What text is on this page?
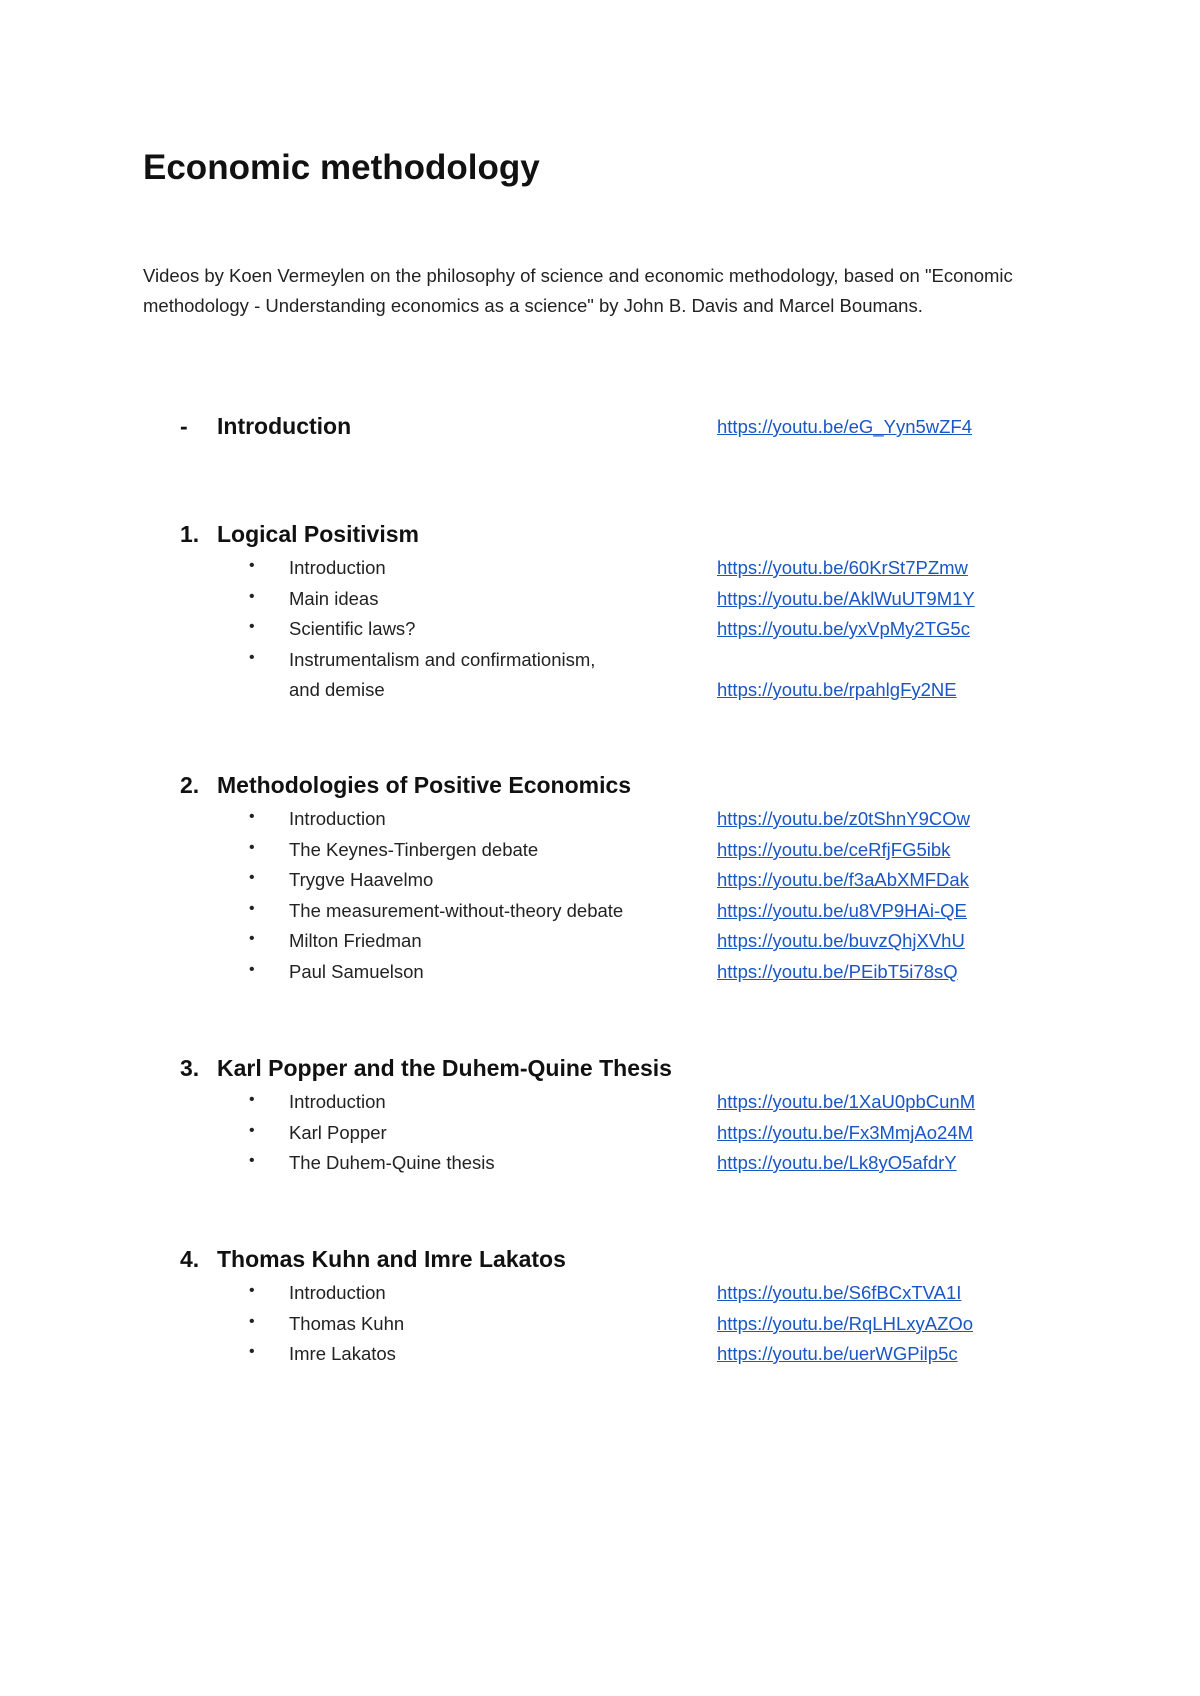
Economic methodology
Videos by Koen Vermeylen on the philosophy of science and economic methodology, based on "Economic methodology - Understanding economics as a science" by John B. Davis and Marcel Boumans.
- Introduction	https://youtu.be/eG_Yyn5wZF4
1. Logical Positivism
• Introduction	https://youtu.be/60KrSt7PZmw
• Main ideas	https://youtu.be/AklWuUT9M1Y
• Scientific laws?	https://youtu.be/yxVpMy2TG5c
• Instrumentalism and confirmationism,
and demise	https://youtu.be/rpahlgFy2NE
2. Methodologies of Positive Economics
• Introduction	https://youtu.be/z0tShnY9COw
• The Keynes-Tinbergen debate	https://youtu.be/ceRfjFG5ibk
• Trygve Haavelmo	https://youtu.be/f3aAbXMFDak
• The measurement-without-theory debate	https://youtu.be/u8VP9HAi-QE
• Milton Friedman	https://youtu.be/buvzQhjXVhU
• Paul Samuelson	https://youtu.be/PEibT5i78sQ
3. Karl Popper and the Duhem-Quine Thesis
• Introduction	https://youtu.be/1XaU0pbCunM
• Karl Popper	https://youtu.be/Fx3MmjAo24M
• The Duhem-Quine thesis	https://youtu.be/Lk8yO5afdrY
4. Thomas Kuhn and Imre Lakatos
• Introduction	https://youtu.be/S6fBCxTVA1I
• Thomas Kuhn	https://youtu.be/RqLHLxyAZOo
• Imre Lakatos	https://youtu.be/uerWGPilp5c
